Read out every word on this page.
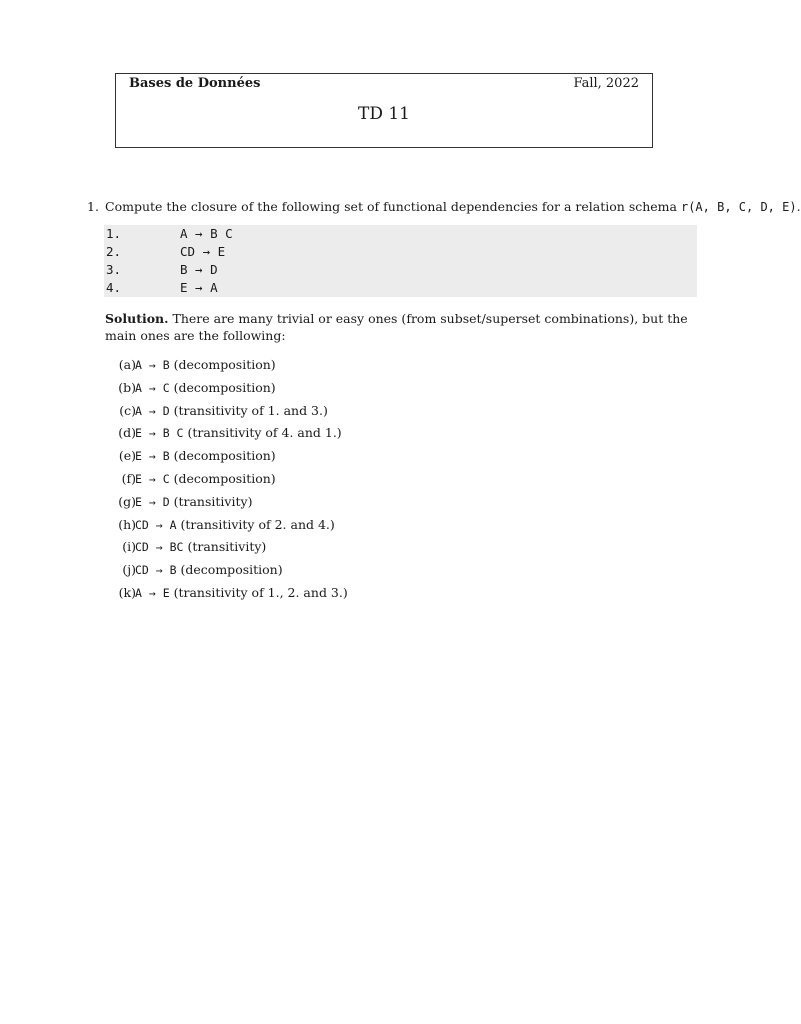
Bases de Données	Fall, 2022
TD 11
1. Compute the closure of the following set of functional dependencies for a relation schema r(A, B, C, D, E).
1.	A → B C
2.	CD → E
3.	B → D
4.	E → A
Solution. There are many trivial or easy ones (from subset/superset combinations), but the main ones are the following:
(a) A → B (decomposition)
(b) A → C (decomposition)
(c) A → D (transitivity of 1. and 3.)
(d) E → B C (transitivity of 4. and 1.)
(e) E → B (decomposition)
(f) E → C (decomposition)
(g) E → D (transitivity)
(h) CD → A (transitivity of 2. and 4.)
(i) CD → BC (transitivity)
(j) CD → B (decomposition)
(k) A → E (transitivity of 1., 2. and 3.)
